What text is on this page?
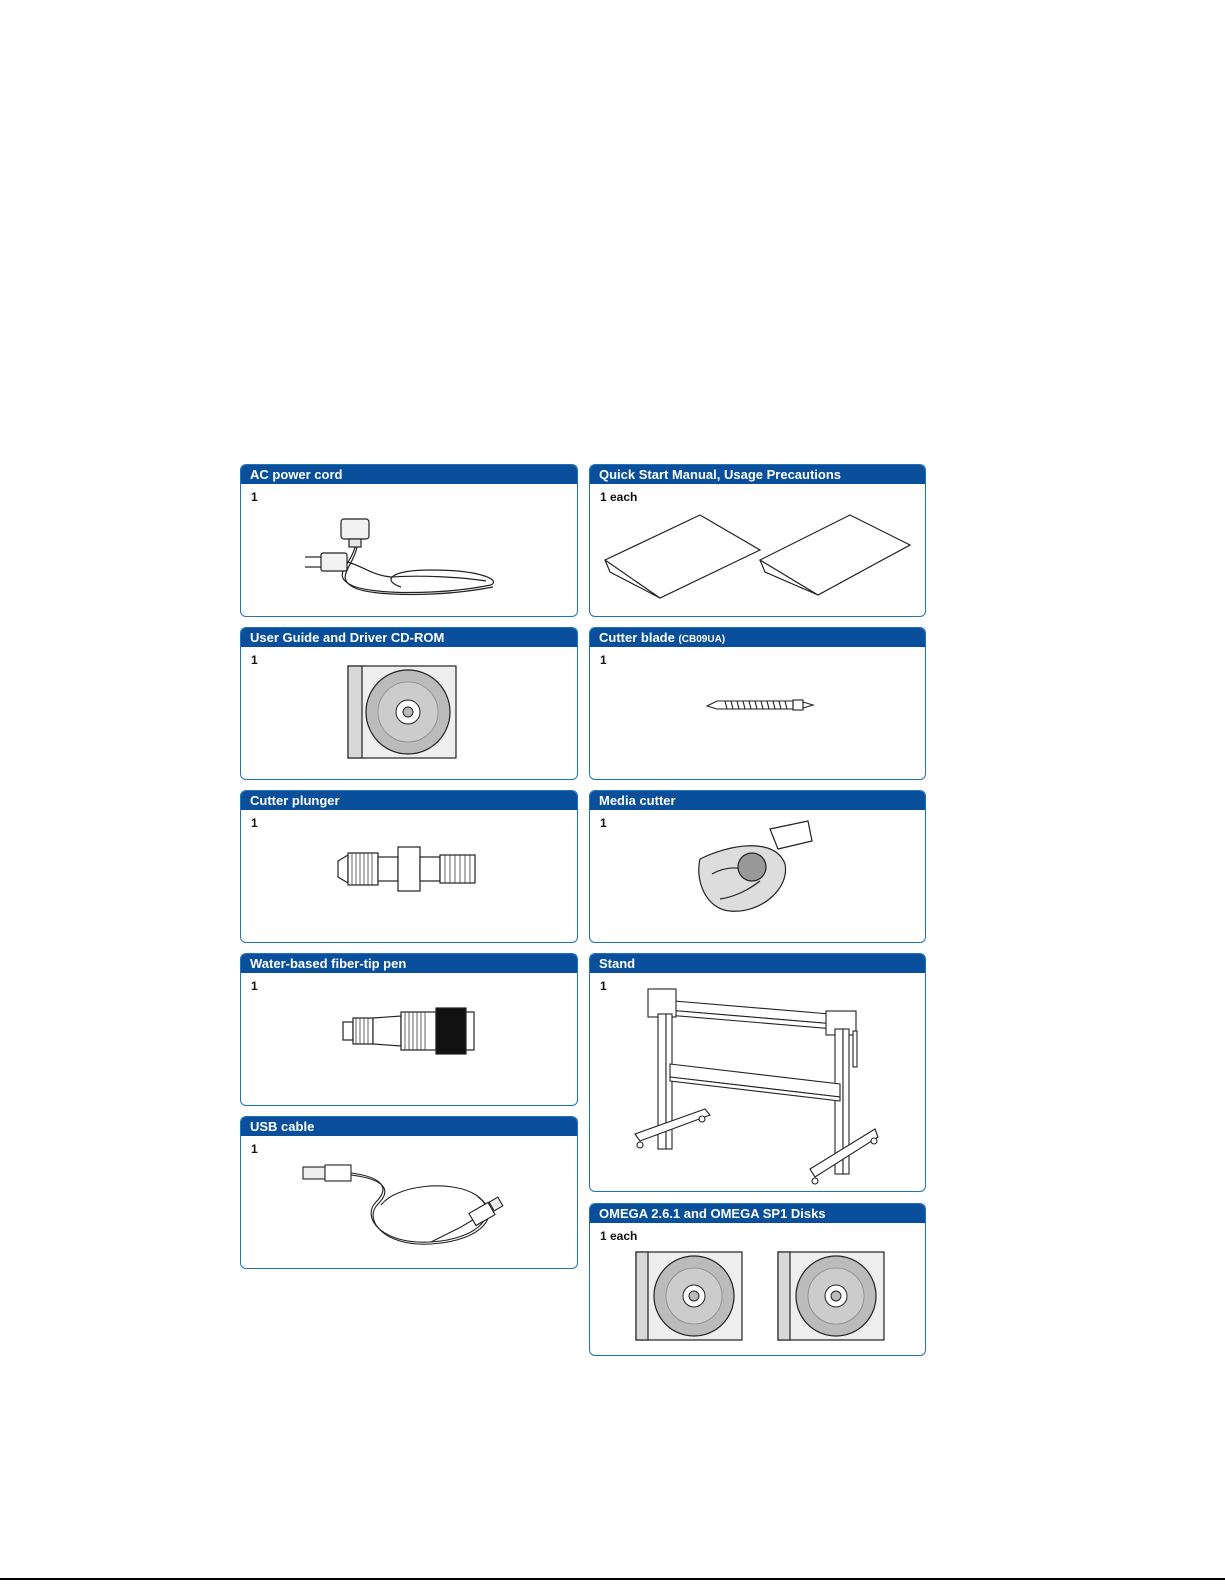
AC power cord
1
Quick Start Manual, Usage Precautions
1 each
User Guide and Driver CD-ROM
1
Cutter blade (CB09UA)
1
Cutter plunger
1
Media cutter
1
Water-based fiber-tip pen
1
Stand
1
USB cable
1
OMEGA 2.6.1 and OMEGA SP1 Disks
1 each
